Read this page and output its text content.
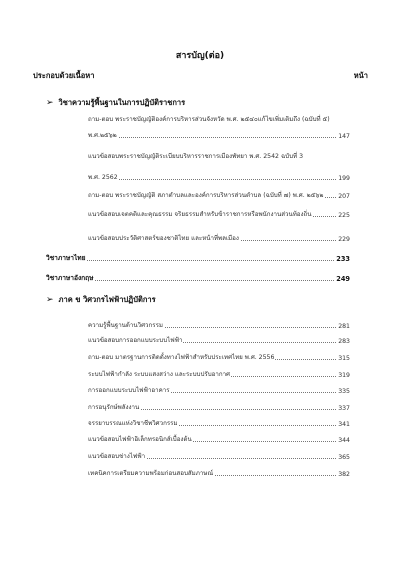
สารบัญ(ต่อ)
ประกอบด้วยเนื้อหา	หน้า
➢ วิชาความรู้พื้นฐานในการปฏิบัติราชการ
ถาม-ตอบ พระราชบัญญัติองค์การบริหารส่วนจังหวัด พ.ศ. ๒๕๔๐แก้ไขเพิ่มเติมถึง (ฉบับที่ ๕)
พ.ศ.๒๕๖๒	147
แนวข้อสอบพระราชบัญญัติระเบียบบริหารราชการเมืองพัทยา พ.ศ. 2542 ฉบับที่ 3
พ.ศ. 2562	199
ถาม-ตอบ พระราชบัญญัติ สภาตำบลและองค์การบริหารส่วนตำบล (ฉบับที่ ๗) พ.ศ. ๒๕๖๒ 207
แนวข้อสอบเจตคติและคุณธรรม จริยธรรมสำหรับข้าราชการหรือพนักงานส่วนท้องถิ่น	225
แนวข้อสอบประวัติศาสตร์ของชาติไทย และหน้าที่พลเมือง	229
วิชาภาษาไทย	233
วิชาภาษาอังกฤษ	249
➢ ภาค ข วิศวกรไฟฟ้าปฏิบัติการ
ความรู้พื้นฐานด้านวิศวกรรม	281
แนวข้อสอบการออกแบบระบบไฟฟ้า	283
ถาม-ตอบ มาตรฐานการติดตั้งทางไฟฟ้าสำหรับประเทศไทย พ.ศ. 2556	315
ระบบไฟฟ้ากำลัง ระบบแสงสว่าง และระบบปรับอากาศ	319
การออกแบบระบบไฟฟ้าอาคาร	335
การอนุรักษ์พลังงาน	337
จรรยาบรรณแห่งวิชาชีพวิศวกรรม	341
แนวข้อสอบไฟฟ้าอิเล็กทรอนิกส์เบื้องต้น	344
แนวข้อสอบช่างไฟฟ้า	365
เทคนิคการเตรียมความพร้อมก่อนสอบสัมภาษณ์	382
